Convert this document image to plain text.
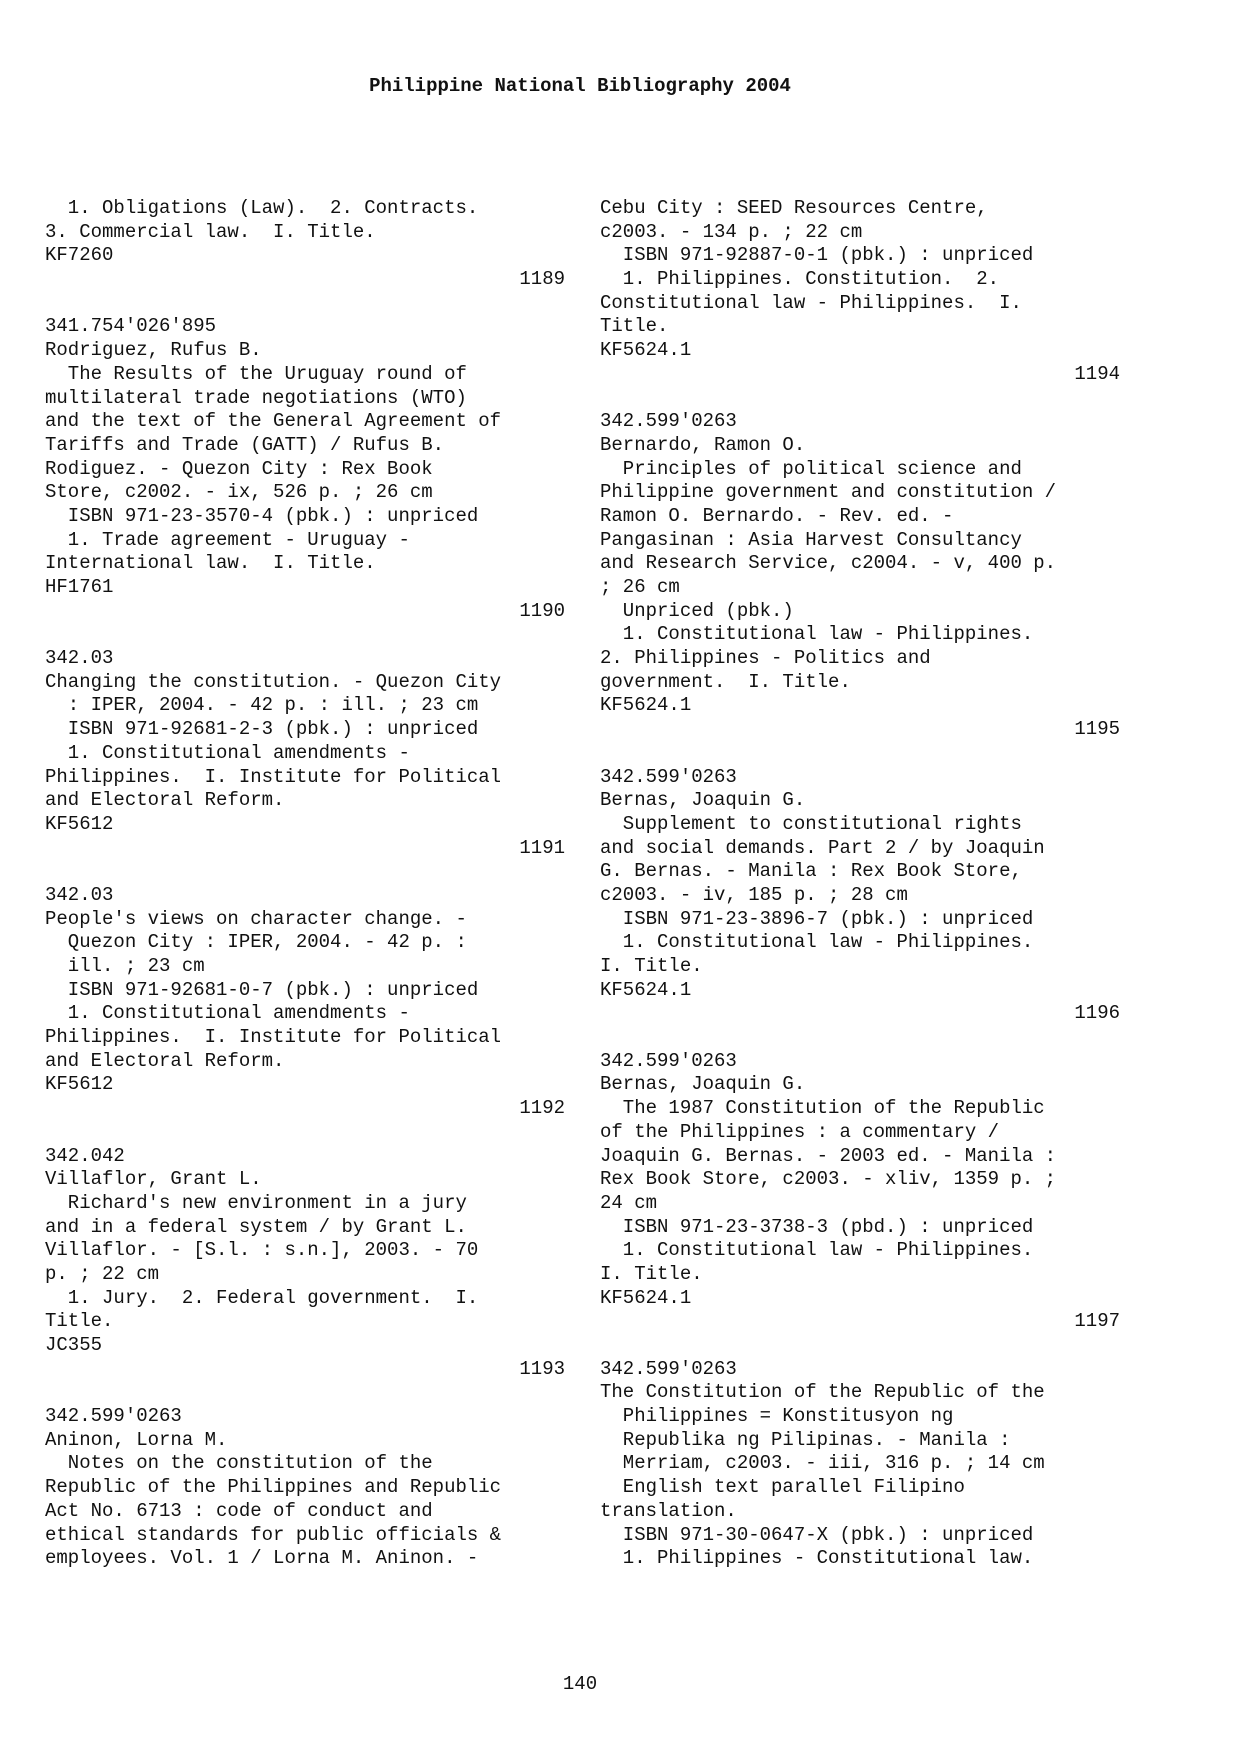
Philippine National Bibliography 2004
1. Obligations (Law).  2. Contracts.
3. Commercial law.  I. Title.
KF7260
1189
341.754'026'895
Rodriguez, Rufus B.
The Results of the Uruguay round of
multilateral trade negotiations (WTO)
and the text of the General Agreement of
Tariffs and Trade (GATT) / Rufus B.
Rodiguez. - Quezon City : Rex Book
Store, c2002. - ix, 526 p. ; 26 cm
ISBN 971-23-3570-4 (pbk.) : unpriced
1. Trade agreement - Uruguay -
International law.  I. Title.
HF1761
1190
342.03
Changing the constitution. - Quezon City
: IPER, 2004. - 42 p. : ill. ; 23 cm
ISBN 971-92681-2-3 (pbk.) : unpriced
1. Constitutional amendments -
Philippines.  I. Institute for Political
and Electoral Reform.
KF5612
1191
342.03
People's views on character change. -
Quezon City : IPER, 2004. - 42 p. :
ill. ; 23 cm
ISBN 971-92681-0-7 (pbk.) : unpriced
1. Constitutional amendments -
Philippines.  I. Institute for Political
and Electoral Reform.
KF5612
1192
342.042
Villaflor, Grant L.
Richard's new environment in a jury
and in a federal system / by Grant L.
Villaflor. - [S.l. : s.n.], 2003. - 70
p. ; 22 cm
1. Jury.  2. Federal government.  I.
Title.
JC355
1193
342.599'0263
Aninon, Lorna M.
Notes on the constitution of the
Republic of the Philippines and Republic
Act No. 6713 : code of conduct and
ethical standards for public officials &
employees. Vol. 1 / Lorna M. Aninon. -
Cebu City : SEED Resources Centre,
c2003. - 134 p. ; 22 cm
ISBN 971-92887-0-1 (pbk.) : unpriced
1. Philippines. Constitution.  2.
Constitutional law - Philippines.  I.
Title.
KF5624.1
1194
342.599'0263
Bernardo, Ramon O.
Principles of political science and
Philippine government and constitution /
Ramon O. Bernardo. - Rev. ed. -
Pangasinan : Asia Harvest Consultancy
and Research Service, c2004. - v, 400 p.
; 26 cm
Unpriced (pbk.)
1. Constitutional law - Philippines.
2. Philippines - Politics and
government.  I. Title.
KF5624.1
1195
342.599'0263
Bernas, Joaquin G.
Supplement to constitutional rights
and social demands. Part 2 / by Joaquin
G. Bernas. - Manila : Rex Book Store,
c2003. - iv, 185 p. ; 28 cm
ISBN 971-23-3896-7 (pbk.) : unpriced
1. Constitutional law - Philippines.
I. Title.
KF5624.1
1196
342.599'0263
Bernas, Joaquin G.
The 1987 Constitution of the Republic
of the Philippines : a commentary /
Joaquin G. Bernas. - 2003 ed. - Manila :
Rex Book Store, c2003. - xliv, 1359 p. ;
24 cm
ISBN 971-23-3738-3 (pbd.) : unpriced
1. Constitutional law - Philippines.
I. Title.
KF5624.1
1197
342.599'0263
The Constitution of the Republic of the
Philippines = Konstitusyon ng
Republika ng Pilipinas. - Manila :
Merriam, c2003. - iii, 316 p. ; 14 cm
English text parallel Filipino
translation.
ISBN 971-30-0647-X (pbk.) : unpriced
1. Philippines - Constitutional law.
140
